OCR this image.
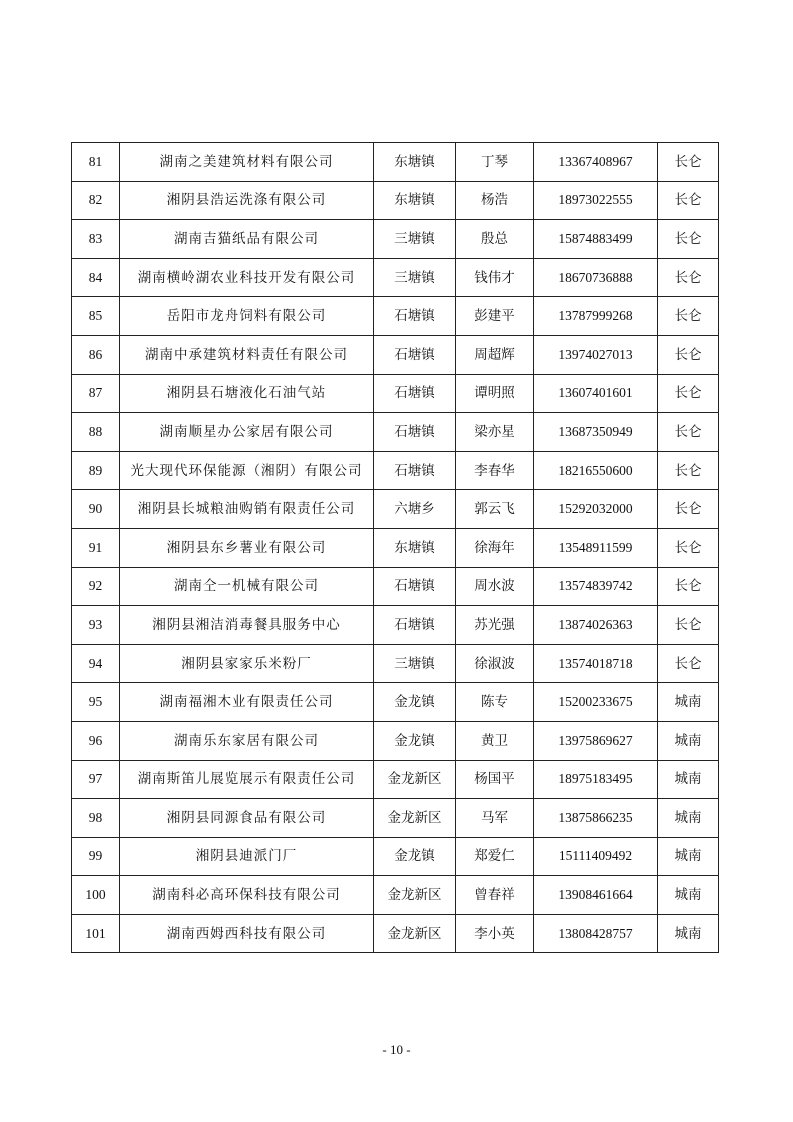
81	湖南之美建筑材料有限公司	东塘镇	丁琴	13367408967	长仑
82	湘阴县浩运洗涤有限公司	东塘镇	杨浩	18973022555	长仑
83	湖南吉猫纸品有限公司	三塘镇	殷总	15874883499	长仑
84	湖南横岭湖农业科技开发有限公司	三塘镇	钱伟才	18670736888	长仑
85	岳阳市龙舟饲料有限公司	石塘镇	彭建平	13787999268	长仑
86	湖南中承建筑材料责任有限公司	石塘镇	周超辉	13974027013	长仑
87	湘阴县石塘液化石油气站	石塘镇	谭明照	13607401601	长仑
88	湖南顺星办公家居有限公司	石塘镇	梁亦星	13687350949	长仑
89	光大现代环保能源（湘阴）有限公司	石塘镇	李春华	18216550600	长仑
90	湘阴县长城粮油购销有限责任公司	六塘乡	郭云飞	15292032000	长仑
91	湘阴县东乡薯业有限公司	东塘镇	徐海年	13548911599	长仑
92	湖南仝一机械有限公司	石塘镇	周水波	13574839742	长仑
93	湘阴县湘洁消毒餐具服务中心	石塘镇	苏光强	13874026363	长仑
94	湘阴县家家乐米粉厂	三塘镇	徐淑波	13574018718	长仑
95	湖南福湘木业有限责任公司	金龙镇	陈专	15200233675	城南
96	湖南乐东家居有限公司	金龙镇	黄卫	13975869627	城南
97	湖南斯笛儿展览展示有限责任公司	金龙新区	杨国平	18975183495	城南
98	湘阴县同源食品有限公司	金龙新区	马军	13875866235	城南
99	湘阴县迪派门厂	金龙镇	郑爱仁	15111409492	城南
100	湖南科必高环保科技有限公司	金龙新区	曾春祥	13908461664	城南
101	湖南西姆西科技有限公司	金龙新区	李小英	13808428757	城南
- 10 -
